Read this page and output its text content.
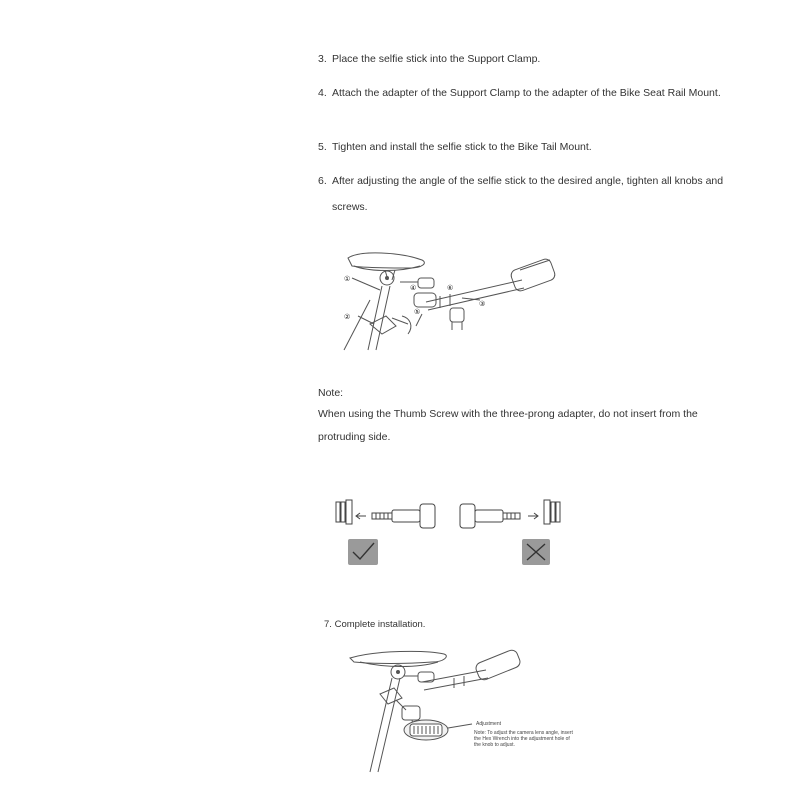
3. Place the selfie stick into the Support Clamp.
4. Attach the adapter of the Support Clamp to the adapter of the Bike Seat Rail Mount.
5. Tighten and install the selfie stick to the Bike Tail Mount.
6. After adjusting the angle of the selfie stick to the desired angle, tighten all knobs and screws.
①
②
③
④
⑤
⑥
Note:
When using the Thumb Screw with the three-prong adapter, do not insert from the protruding side.
7. Complete installation.
Adjustment
Note: To adjust the camera lens angle, insert
the Hex Wrench into the adjustment hole of
the knob to adjust.
